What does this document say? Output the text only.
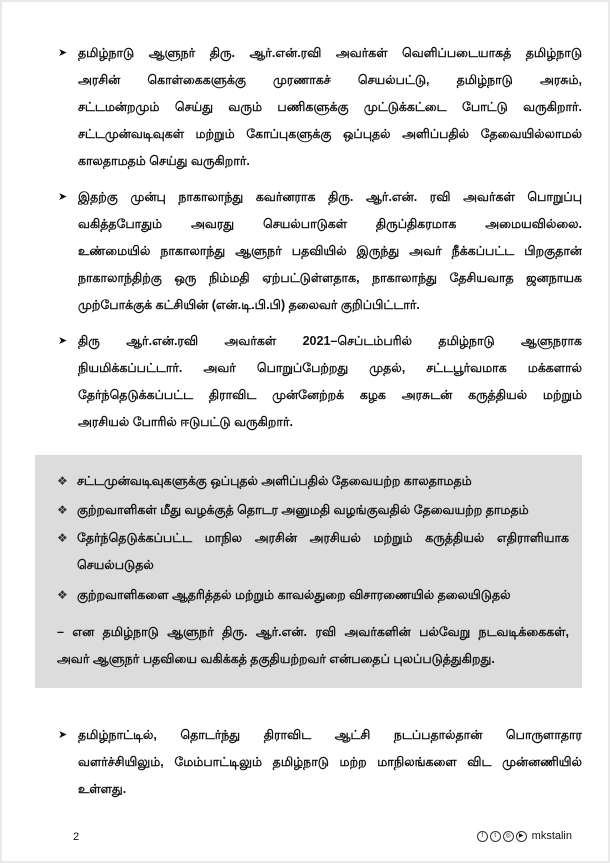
➤ தமிழ்நாடு ஆளுநர் திரு. ஆர்.என்.ரவி அவர்கள் வெளிப்படையாகத் தமிழ்நாடு
அரசின் கொள்கைகளுக்கு முரணாகச் செயல்பட்டு, தமிழ்நாடு அரசும்,
சட்டமன்றமும் செய்து வரும் பணிகளுக்கு முட்டுக்கட்டை போட்டு வருகிறார்.
சட்டமுன்வடிவுகள் மற்றும் கோப்புகளுக்கு ஒப்புதல் அளிப்பதில் தேவையில்லாமல்
காலதாமதம் செய்து வருகிறார்.
➤ இதற்கு முன்பு நாகாலாந்து கவர்னராக திரு. ஆர்.என். ரவி அவர்கள் பொறுப்பு
வகித்தபோதும் அவரது செயல்பாடுகள் திருப்திகரமாக அமையவில்லை.
உண்மையில் நாகாலாந்து ஆளுநர் பதவியில் இருந்து அவர் நீக்கப்பட்ட பிறகுதான்
நாகாலாந்திற்கு ஒரு நிம்மதி ஏற்பட்டுள்ளதாக, நாகாலாந்து தேசியவாத ஜனநாயக
முற்போக்குக் கட்சியின் (என்.டி.பி.பி) தலைவர் குறிப்பிட்டார்.
➤ திரு ஆர்.என்.ரவி அவர்கள் 2021–செப்டம்பரில் தமிழ்நாடு ஆளுநராக
நியமிக்கப்பட்டார். அவர் பொறுப்பேற்றது முதல், சட்டபூர்வமாக மக்களால்
தேர்ந்தெடுக்கப்பட்ட திராவிட முன்னேற்றக் கழக அரசுடன் கருத்தியல் மற்றும்
அரசியல் போரில் ஈடுபட்டு வருகிறார்.
❖ சட்டமுன்வடிவுகளுக்கு ஒப்புதல் அளிப்பதில் தேவையற்ற காலதாமதம்
❖ குற்றவாளிகள் மீது வழக்குத் தொடர அனுமதி வழங்குவதில் தேவையற்ற தாமதம்
❖ தேர்ந்தெடுக்கப்பட்ட மாநில அரசின் அரசியல் மற்றும் கருத்தியல் எதிராளியாக
செயல்படுதல்
❖ குற்றவாளிகளை ஆதரித்தல் மற்றும் காவல்துறை விசாரணையில் தலையிடுதல்
– என தமிழ்நாடு ஆளுநர் திரு. ஆர்.என். ரவி அவர்களின் பல்வேறு நடவடிக்கைகள்,
அவர் ஆளுநர் பதவியை வகிக்கத் தகுதியற்றவர் என்பதைப் புலப்படுத்துகிறது.
➤ தமிழ்நாட்டில், தொடர்ந்து திராவிட ஆட்சி நடப்பதால்தான் பொருளாதார
வளர்ச்சியிலும், மேம்பாட்டிலும் தமிழ்நாடு மற்ற மாநிலங்களை விட முன்னணியில்
உள்ளது.
2	f	t	◎	▶ mkstalin
